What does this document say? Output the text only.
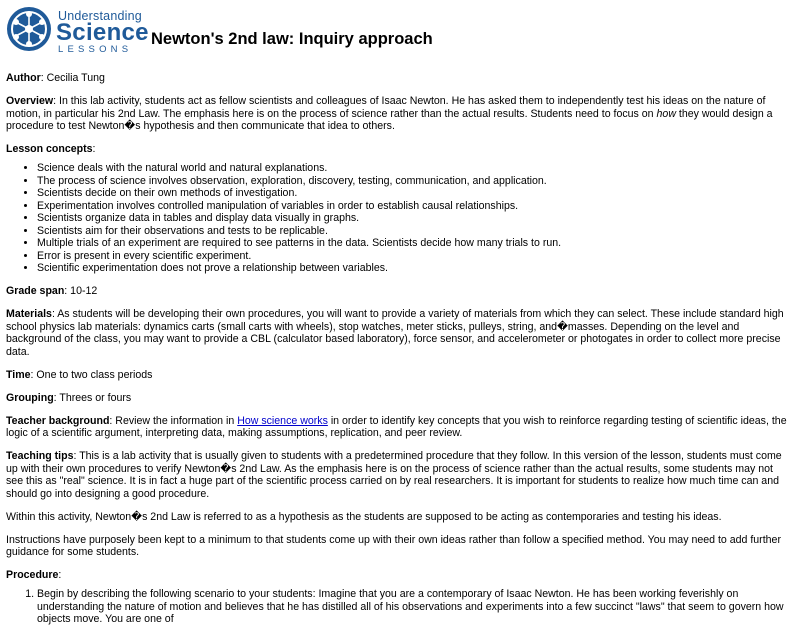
Understanding
Science
LESSONS
Newton's 2nd law: Inquiry approach

Author: Cecilia Tung

Overview: In this lab activity, students act as fellow scientists and colleagues of Isaac Newton. He has asked them to independently test his ideas on the nature of motion, in particular his 2nd Law. The emphasis here is on the process of science rather than the actual results. Students need to focus on how they would design a procedure to test Newton�s hypothesis and then communicate that idea to others.

Lesson concepts:

• Science deals with the natural world and natural explanations.
• The process of science involves observation, exploration, discovery, testing, communication, and application.
• Scientists decide on their own methods of investigation.
• Experimentation involves controlled manipulation of variables in order to establish causal relationships.
• Scientists organize data in tables and display data visually in graphs.
• Scientists aim for their observations and tests to be replicable.
• Multiple trials of an experiment are required to see patterns in the data. Scientists decide how many trials to run.
• Error is present in every scientific experiment.
• Scientific experimentation does not prove a relationship between variables.

Grade span: 10-12

Materials: As students will be developing their own procedures, you will want to provide a variety of materials from which they can select. These include standard high school physics lab materials: dynamics carts (small carts with wheels), stop watches, meter sticks, pulleys, string, and�masses. Depending on the level and background of the class, you may want to provide a CBL (calculator based laboratory), force sensor, and accelerometer or photogates in order to collect more precise data.

Time: One to two class periods

Grouping: Threes or fours

Teacher background: Review the information in How science works in order to identify key concepts that you wish to reinforce regarding testing of scientific ideas, the logic of a scientific argument, interpreting data, making assumptions, replication, and peer review.

Teaching tips: This is a lab activity that is usually given to students with a predetermined procedure that they follow. In this version of the lesson, students must come up with their own procedures to verify Newton�s 2nd Law. As the emphasis here is on the process of science rather than the actual results, some students may not see this as "real" science. It is in fact a huge part of the scientific process carried on by real researchers. It is important for students to realize how much time can and should go into designing a good procedure.

Within this activity, Newton�s 2nd Law is referred to as a hypothesis as the students are supposed to be acting as contemporaries and testing his ideas.

Instructions have purposely been kept to a minimum to that students come up with their own ideas rather than follow a specified method. You may need to add further guidance for some students.

Procedure:

1. Begin by describing the following scenario to your students: Imagine that you are a contemporary of Isaac Newton. He has been working feverishly on understanding the nature of motion and believes that he has distilled all of his observations and experiments into a few succinct "laws" that seem to govern how objects move. You are one of
